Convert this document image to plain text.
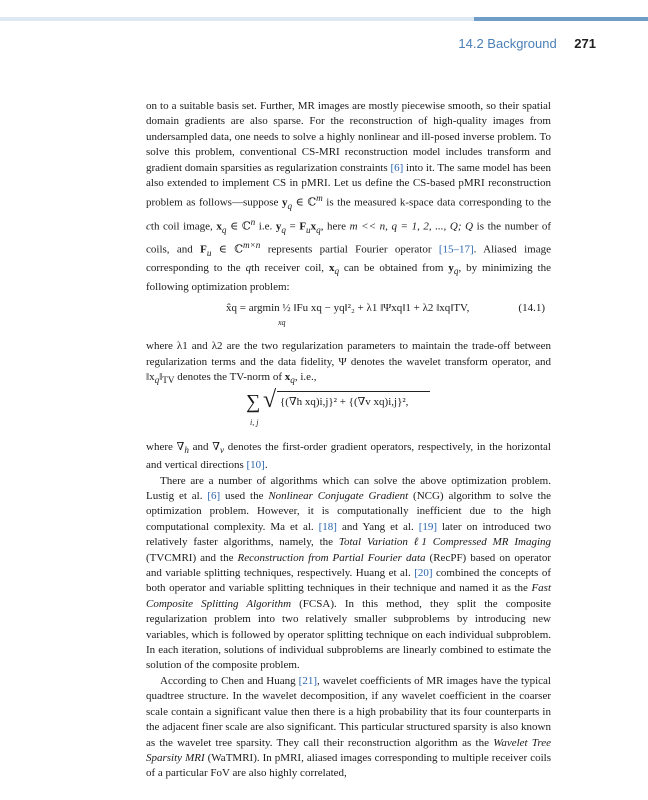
14.2 Background 271

on to a suitable basis set. Further, MR images are mostly piecewise smooth, so their spatial domain gradients are also sparse. For the reconstruction of high-quality images from undersampled data, one needs to solve a highly nonlinear and ill-posed inverse problem. To solve this problem, conventional CS-MRI reconstruction model includes transform and gradient domain sparsities as regularization constraints [6] into it. The same model has been also extended to implement CS in pMRI. Let us define the CS-based pMRI reconstruction problem as follows—suppose $y_q$ ∈ ℂ$^m$ is the measured k-space data corresponding to the cth coil image, $x_q$ ∈ ℂ$^n$ i.e. $y_q = F_ux_q$, here m << n, q = 1, 2, ..., Q; Q is the number of coils, and $F_u$ ∈ ℂ$^{m\times n}$ represents partial Fourier operator [15–17]. Aliased image corresponding to the qth receiver coil, $x_q$ can be obtained from $y_q$, by minimizing the following optimization problem:

x̂q = argmin ½ ‖Fu xq − yq‖²₂ + λ1 ‖Ψxq‖1 + λ2 ‖xq‖TV,
xq
(14.1)

where λ1 and λ2 are the two regularization parameters to maintain the trade-off between regularization terms and the data fidelity, Ψ denotes the wavelet transform operator, and $‖x_q‖_{TV}$ denotes the TV-norm of $x_q$, i.e.,

∑
i, j
√ {(∇h xq)i,j}² + {(∇v xq)i,j}²,

where $\nabla_h$ and $\nabla_v$ denotes the first-order gradient operators, respectively, in the horizontal and vertical directions [10].

There are a number of algorithms which can solve the above optimization problem. Lustig et al. [6] used the Nonlinear Conjugate Gradient (NCG) algorithm to solve the optimization problem. However, it is computationally inefficient due to the high computational complexity. Ma et al. [18] and Yang et al. [19] later on introduced two relatively faster algorithms, namely, the Total Variation ℓ1 Compressed MR Imaging (TVCMRI) and the Reconstruction from Partial Fourier data (RecPF) based on operator and variable splitting techniques, respectively. Huang et al. [20] combined the concepts of both operator and variable splitting techniques in their technique and named it as the Fast Composite Splitting Algorithm (FCSA). In this method, they split the composite regularization problem into two relatively smaller subproblems by introducing new variables, which is followed by operator splitting technique on each individual subproblem. In each iteration, solutions of individual subproblems are linearly combined to estimate the solution of the composite problem.

According to Chen and Huang [21], wavelet coefficients of MR images have the typical quadtree structure. In the wavelet decomposition, if any wavelet coefficient in the coarser scale contain a significant value then there is a high probability that its four counterparts in the adjacent finer scale are also significant. This particular structured sparsity is also known as the wavelet tree sparsity. They call their reconstruction algorithm as the Wavelet Tree Sparsity MRI (WaTMRI). In pMRI, aliased images corresponding to multiple receiver coils of a particular FoV are also highly correlated,
